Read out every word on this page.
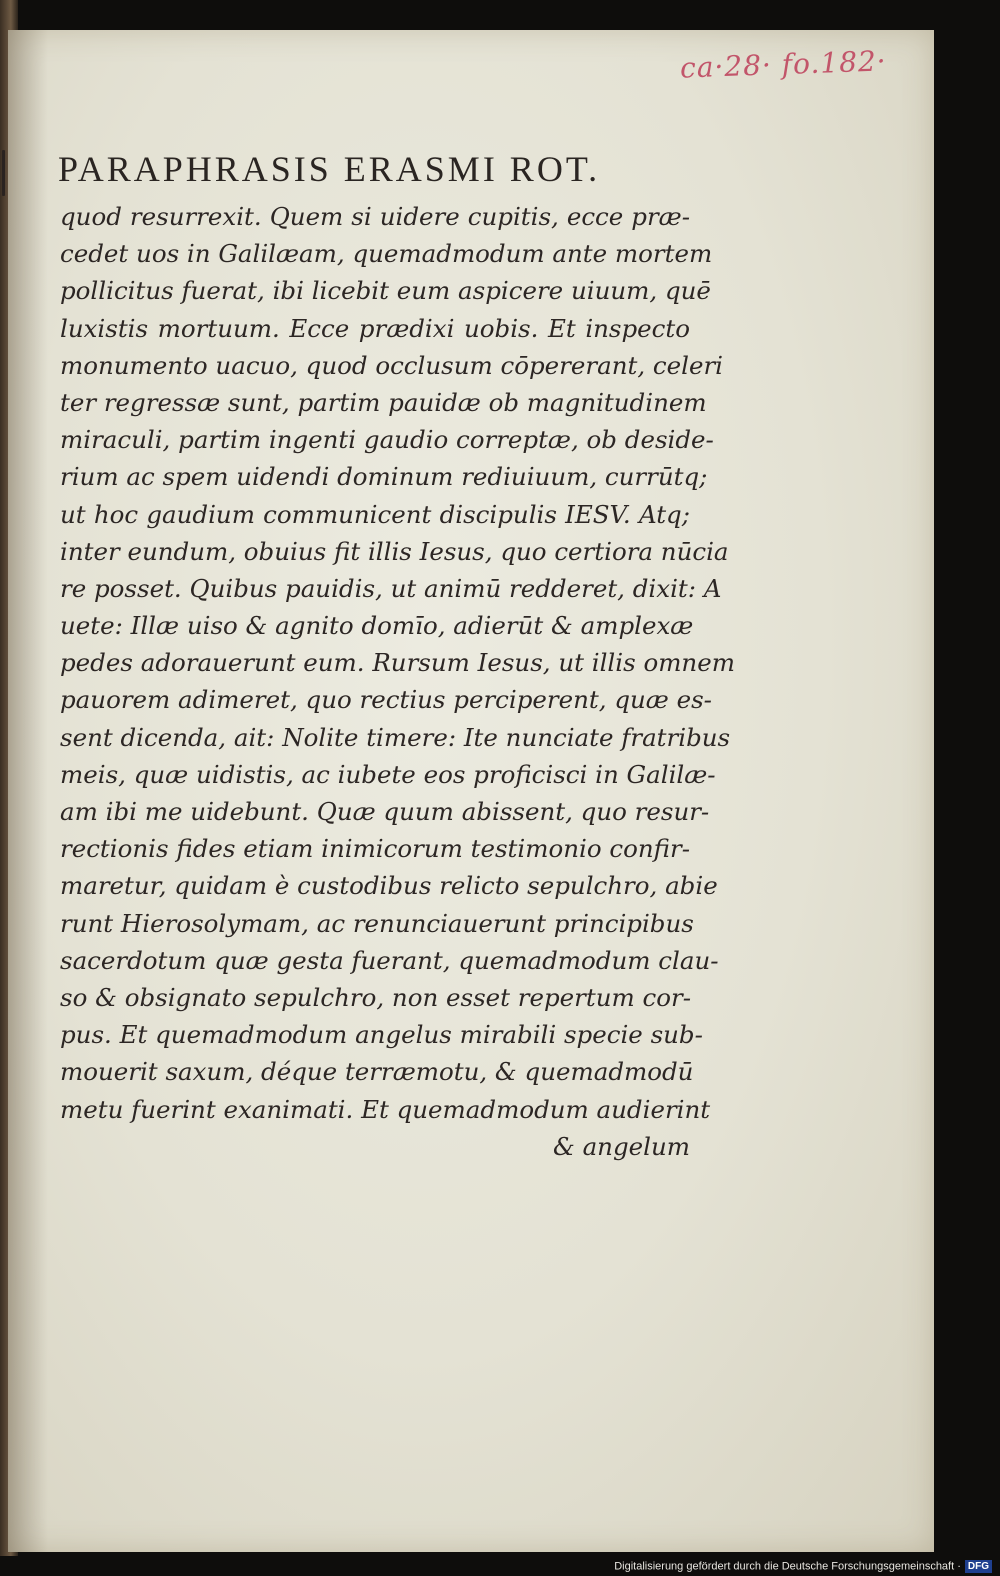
ca·28· fo.182·
PARAPHRASIS ERASMI ROT.
quod resurrexit. Quem si uidere cupitis, ecce præ-
cedet uos in Galilæam, quemadmodum ante mortem
pollicitus fuerat, ibi licebit eum aspicere uiuum, quē
luxistis mortuum. Ecce prædixi uobis. Et inspecto
monumento uacuo, quod occlusum cōpererant, celeri
ter regressæ sunt, partim pauidæ ob magnitudinem
miraculi, partim ingenti gaudio correptæ, ob deside-
rium ac spem uidendi dominum rediuiuum, currūtq;
ut hoc gaudium communicent discipulis IESV. Atq;
inter eundum, obuius fit illis Iesus, quo certiora nūcia
re posset. Quibus pauidis, ut animū redderet, dixit: A
uete: Illæ uiso & agnito domīo, adierūt & amplexæ
pedes adorauerunt eum. Rursum Iesus, ut illis omnem
pauorem adimeret, quo rectius perciperent, quæ es-
sent dicenda, ait: Nolite timere: Ite nunciate fratribus
meis, quæ uidistis, ac iubete eos proficisci in Galilæ-
am ibi me uidebunt. Quæ quum abissent, quo resur-
rectionis fides etiam inimicorum testimonio confir-
maretur, quidam è custodibus relicto sepulchro, abie
runt Hierosolymam, ac renunciauerunt principibus
sacerdotum quæ gesta fuerant, quemadmodum clau-
so & obsignato sepulchro, non esset repertum cor-
pus. Et quemadmodum angelus mirabili specie sub-
mouerit saxum, déque terræmotu, & quemadmodū
metu fuerint exanimati. Et quemadmodum audierint
& angelum
Digitalisierung gefördert durch die Deutsche Forschungsgemeinschaft · DFG
